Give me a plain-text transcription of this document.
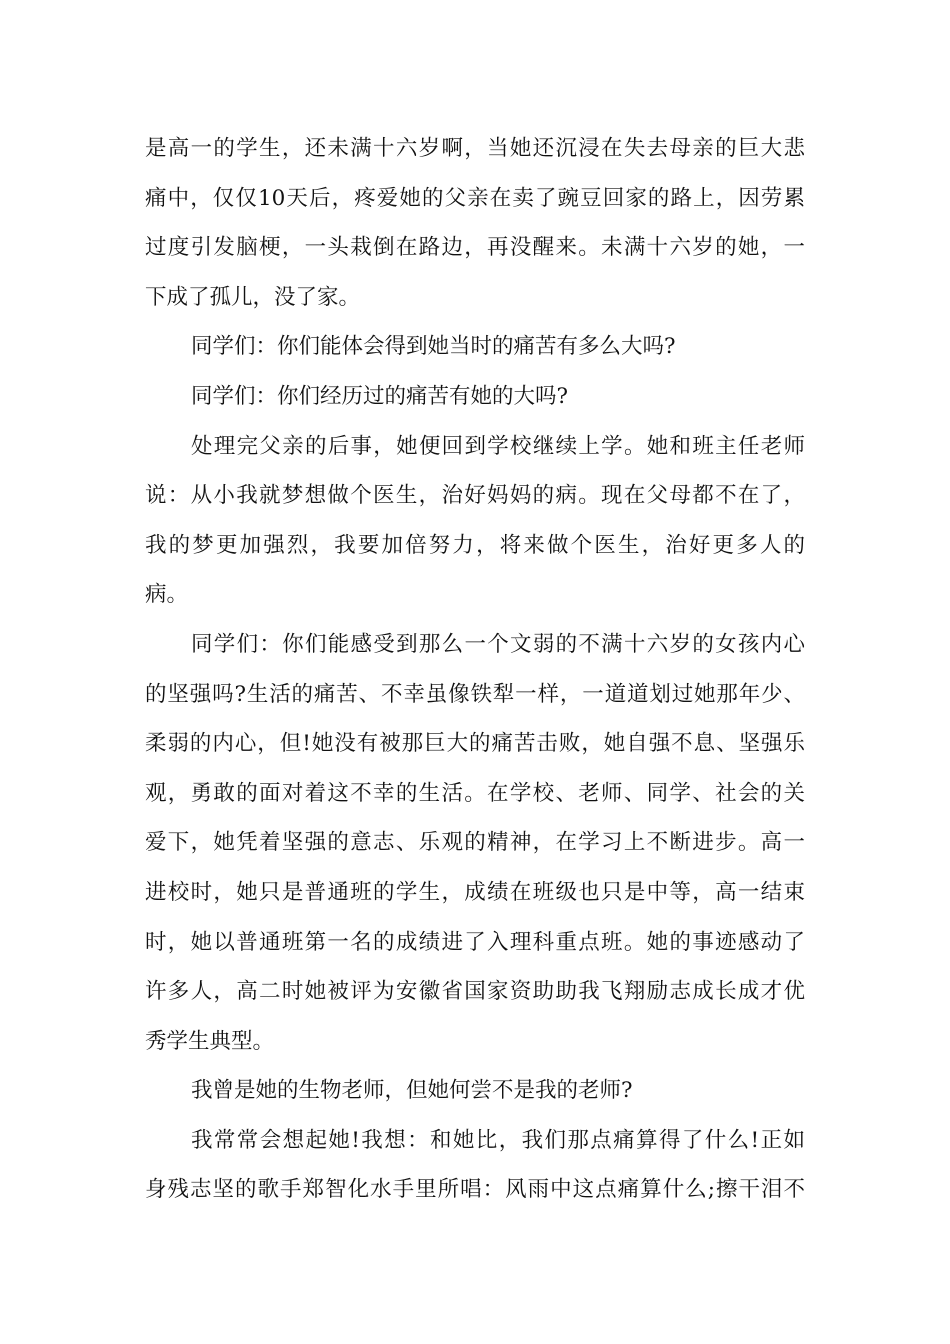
是高一的学生，还未满十六岁啊，当她还沉浸在失去母亲的巨大悲
痛中，仅仅10天后，疼爱她的父亲在卖了豌豆回家的路上，因劳累
过度引发脑梗，一头栽倒在路边，再没醒来。未满十六岁的她，一
下成了孤儿，没了家。
同学们：你们能体会得到她当时的痛苦有多么大吗?
同学们：你们经历过的痛苦有她的大吗?
处理完父亲的后事，她便回到学校继续上学。她和班主任老师
说：从小我就梦想做个医生，治好妈妈的病。现在父母都不在了，
我的梦更加强烈，我要加倍努力，将来做个医生，治好更多人的
病。
同学们：你们能感受到那么一个文弱的不满十六岁的女孩内心
的坚强吗?生活的痛苦、不幸虽像铁犁一样，一道道划过她那年少、
柔弱的内心，但!她没有被那巨大的痛苦击败，她自强不息、坚强乐
观，勇敢的面对着这不幸的生活。在学校、老师、同学、社会的关
爱下，她凭着坚强的意志、乐观的精神，在学习上不断进步。高一
进校时，她只是普通班的学生，成绩在班级也只是中等，高一结束
时，她以普通班第一名的成绩进了入理科重点班。她的事迹感动了
许多人，高二时她被评为安徽省国家资助助我飞翔励志成长成才优
秀学生典型。
我曾是她的生物老师，但她何尝不是我的老师?
我常常会想起她!我想：和她比，我们那点痛算得了什么!正如
身残志坚的歌手郑智化水手里所唱：风雨中这点痛算什么;擦干泪不
